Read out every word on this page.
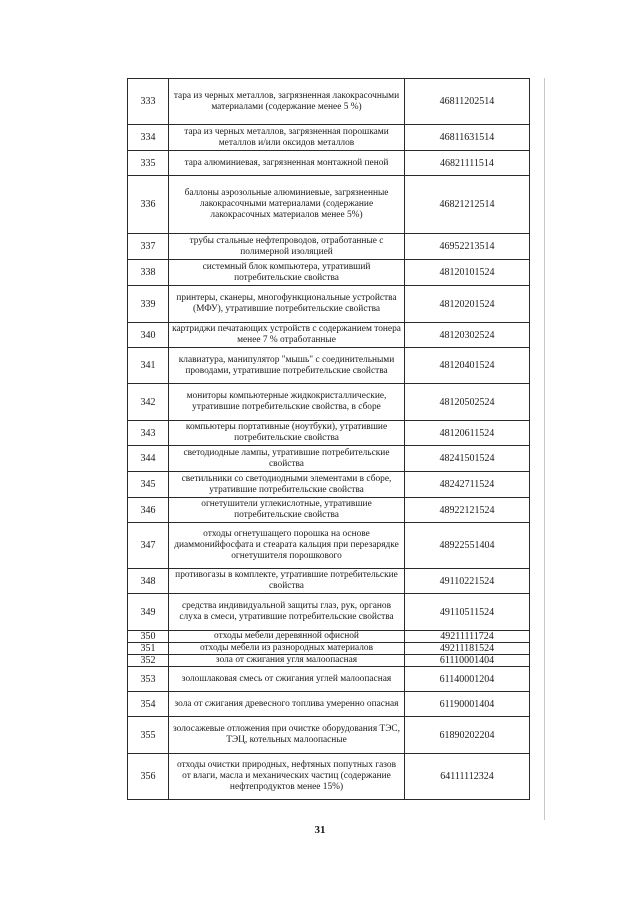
333	тара из черных металлов, загрязненная лакокрасочными материалами (содержание менее 5 %)	46811202514
334	тара из черных металлов, загрязненная порошками металлов и/или оксидов металлов	46811631514
335	тара алюминиевая, загрязненная монтажной пеной	46821111514
336	баллоны аэрозольные алюминиевые, загрязненные лакокрасочными материалами (содержание лакокрасочных материалов менее 5%)	46821212514
337	трубы стальные нефтепроводов, отработанные с полимерной изоляцией	46952213514
338	системный блок компьютера, утративший потребительские свойства	48120101524
339	принтеры, сканеры, многофункциональные устройства (МФУ), утратившие потребительские свойства	48120201524
340	картриджи печатающих устройств с содержанием тонера менее 7 % отработанные	48120302524
341	клавиатура, манипулятор "мышь" с соединительными проводами, утратившие потребительские свойства	48120401524
342	мониторы компьютерные жидкокристаллические, утратившие потребительские свойства, в сборе	48120502524
343	компьютеры портативные (ноутбуки), утратившие потребительские свойства	48120611524
344	светодиодные лампы, утратившие потребительские свойства	48241501524
345	светильники со светодиодными элементами в сборе, утратившие потребительские свойства	48242711524
346	огнетушители углекислотные, утратившие потребительские свойства	48922121524
347	отходы огнетушащего порошка на основе диаммонийфосфата и стеарата кальция при перезарядке огнетушителя порошкового	48922551404
348	противогазы в комплекте, утратившие потребительские свойства	49110221524
349	средства индивидуальной защиты глаз, рук, органов слуха в смеси, утратившие потребительские свойства	49110511524
350	отходы мебели деревянной офисной	49211111724
351	отходы мебели из разнородных материалов	49211181524
352	зола от сжигания угля малоопасная	61110001404
353	золошлаковая смесь от сжигания углей малоопасная	61140001204
354	зола от сжигания древесного топлива умеренно опасная	61190001404
355	золосажевые отложения при очистке оборудования ТЭС, ТЭЦ, котельных малоопасные	61890202204
356	отходы очистки природных, нефтяных попутных газов от влаги, масла и механических частиц (содержание нефтепродуктов менее 15%)	64111112324
31
